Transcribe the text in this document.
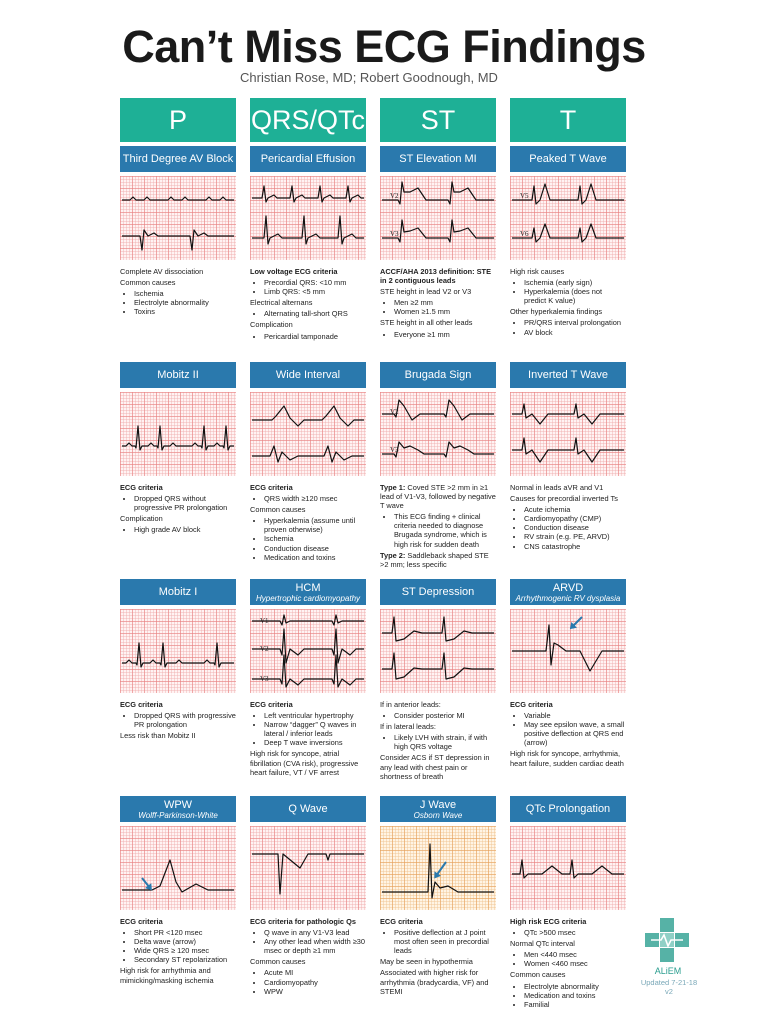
Can’t Miss ECG Findings
Christian Rose, MD; Robert Goodnough, MD
P	QRS/QTc	ST	T
Third Degree AV Block

Complete AV dissociation

Common causes

• Ischemia
• Electrolyte abnormality
• Toxins
Pericardial Effusion

Low voltage ECG criteria

• Precordial QRS: <10 mm
• Limb QRS: <5 mm

Electrical alternans

• Alternating tall-short QRS

Complication

• Pericardial tamponade
ST Elevation MI
V2
V3

ACCF/AHA 2013 definition: STE in 2 contiguous leads

STE height in lead V2 or V3

• Men ≥2 mm
• Women ≥1.5 mm

STE height in all other leads

• Everyone ≥1 mm
Peaked T Wave
V5
V6

High risk causes

• Ischemia (early sign)
• Hyperkalemia (does not predict K value)

Other hyperkalemia findings

• PR/QRS interval prolongation
• AV block
Mobitz II

ECG criteria

• Dropped QRS without progressive PR prolongation

Complication

• High grade AV block
Wide Interval

ECG criteria

• QRS width ≥120 msec

Common causes

• Hyperkalemia (assume until proven otherwise)
• Ischemia
• Conduction disease
• Medication and toxins
Brugada Sign
V2
V3

Type 1: Coved STE >2 mm in ≥1 lead of V1-V3, followed by negative T wave

• This ECG finding + clinical criteria needed to diagnose Brugada syndrome, which is high risk for sudden death

Type 2: Saddleback shaped STE >2 mm; less specific

Inverted T Wave

Normal in leads aVR and V1

Causes for precordial inverted Ts

• Acute ichemia
• Cardiomyopathy (CMP)
• Conduction disease
• RV strain (e.g. PE, ARVD)
• CNS catastrophe
Mobitz I

ECG criteria

• Dropped QRS with progressive PR prolongation

Less risk than Mobitz II

HCM
Hypertrophic cardiomyopathy
V1
V2
V3

ECG criteria

• Left ventricular hypertrophy
• Narrow “dagger” Q waves in lateral / inferior leads
• Deep T wave inversions

High risk for syncope, atrial fibrillation (CVA risk), progressive heart failure, VT / VF arrest

ST Depression

If in anterior leads:

• Consider posterior MI

If in lateral leads:

• Likely LVH with strain, if with high QRS voltage

Consider ACS if ST depression in any lead with chest pain or shortness of breath

ARVD
Arrhythmogenic RV dysplasia

ECG criteria

• Variable
• May see epsilon wave, a small positive deflection at QRS end (arrow)

High risk for syncope, arrhythmia, heart failure, sudden cardiac death

WPW
Wolff-Parkinson-White

ECG criteria

• Short PR <120 msec
• Delta wave (arrow)
• Wide QRS ≥ 120 msec
• Secondary ST repolarization

High risk for arrhythmia and mimicking/masking ischemia

Q Wave

ECG criteria for pathologic Qs

• Q wave in any V1-V3 lead
• Any other lead when width ≥30 msec or depth ≥1 mm

Common causes

• Acute MI
• Cardiomyopathy
• WPW
J Wave
Osborn Wave

ECG criteria

• Positive deflection at J point most often seen in precordial leads

May be seen in hypothermia

Associated with higher risk for arrhythmia (bradycardia, VF) and STEMI

QTc Prolongation

High risk ECG criteria

• QTc >500 msec

Normal QTc interval

• Men <440 msec
• Women <460 msec

Common causes

• Electrolyte abnormality
• Medication and toxins
• Familial
ALiEM
Updated 7-21-18
v2
